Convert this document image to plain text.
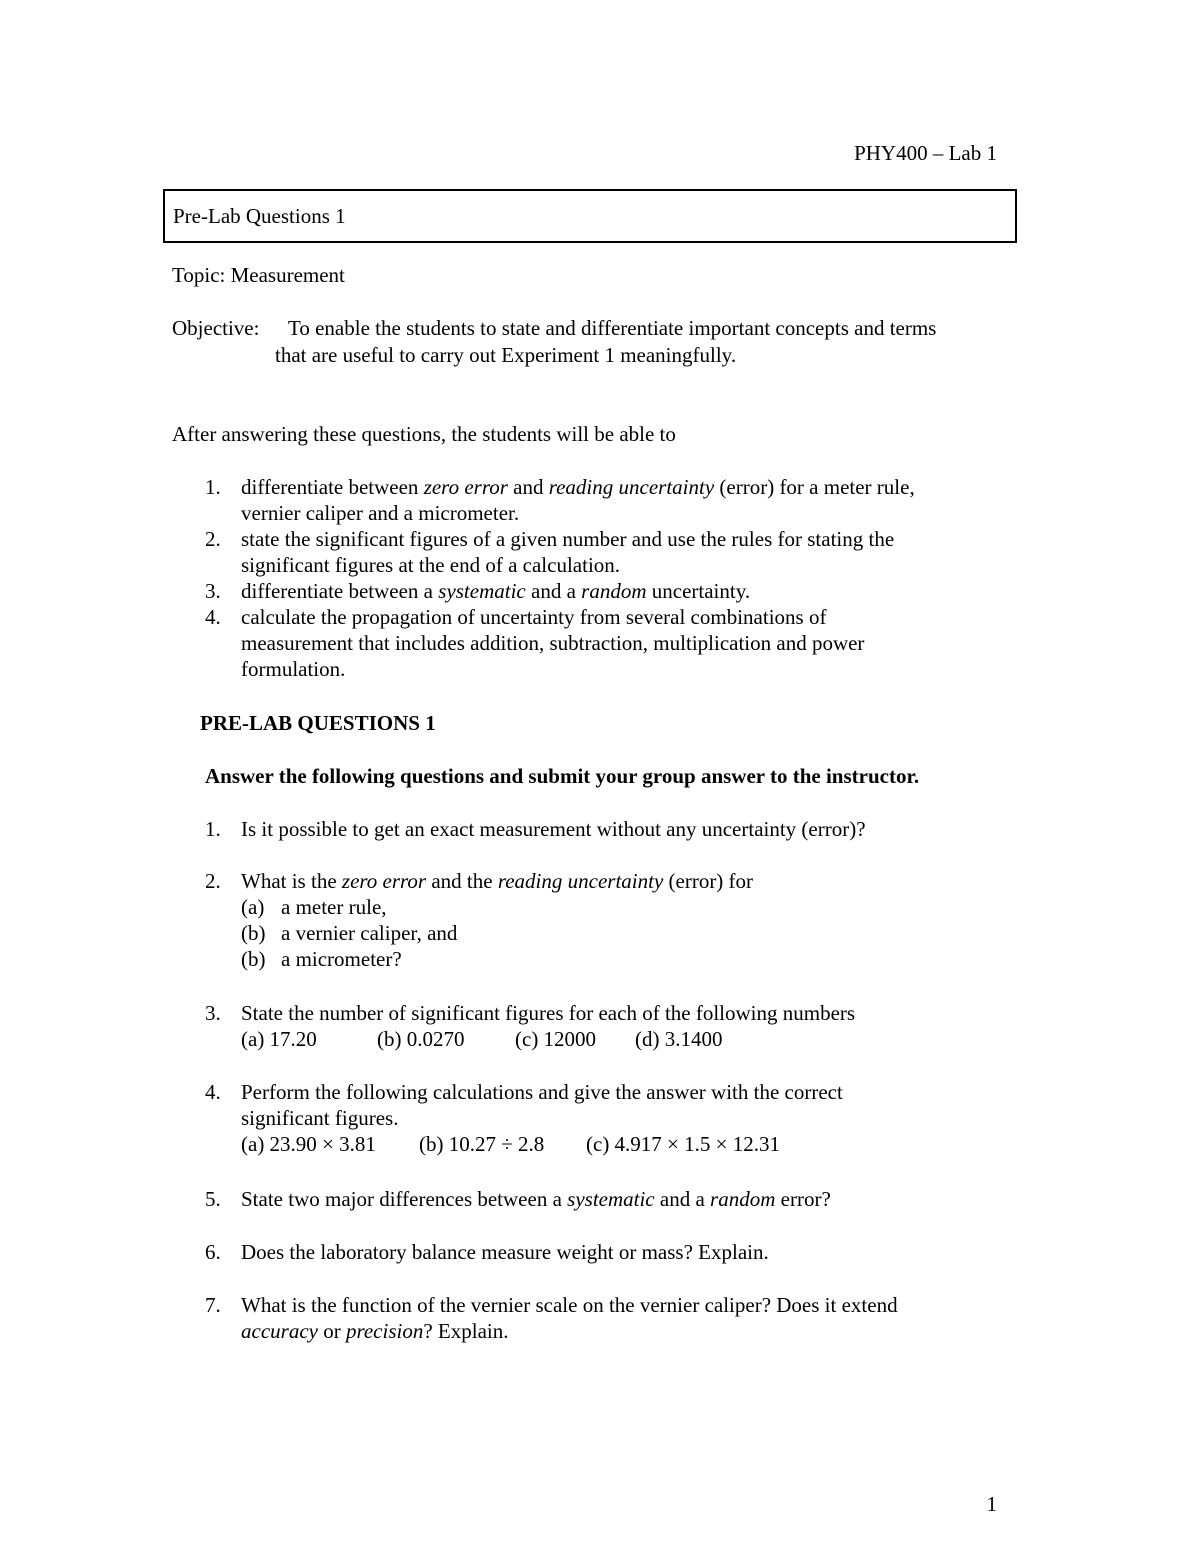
PHY400 – Lab 1
Pre-Lab Questions 1
Topic: Measurement
Objective: To enable the students to state and differentiate important concepts and terms
that are useful to carry out Experiment 1 meaningfully.
After answering these questions, the students will be able to
1. differentiate between zero error and reading uncertainty (error) for a meter rule,
vernier caliper and a micrometer.
2. state the significant figures of a given number and use the rules for stating the
significant figures at the end of a calculation.
3. differentiate between a systematic and a random uncertainty.
4. calculate the propagation of uncertainty from several combinations of
measurement that includes addition, subtraction, multiplication and power
formulation.
PRE-LAB QUESTIONS 1
Answer the following questions and submit your group answer to the instructor.
1. Is it possible to get an exact measurement without any uncertainty (error)?
2. What is the zero error and the reading uncertainty (error) for
(a) a meter rule,
(b) a vernier caliper, and
(b) a micrometer?
3. State the number of significant figures for each of the following numbers
(a) 17.20	(b) 0.0270 (c) 12000 (d) 3.1400
4. Perform the following calculations and give the answer with the correct
significant figures.
(a) 23.90 × 3.81 (b) 10.27 ÷ 2.8 (c) 4.917 × 1.5 × 12.31
5. State two major differences between a systematic and a random error?
6. Does the laboratory balance measure weight or mass? Explain.
7. What is the function of the vernier scale on the vernier caliper? Does it extend
accuracy or precision? Explain.
1
